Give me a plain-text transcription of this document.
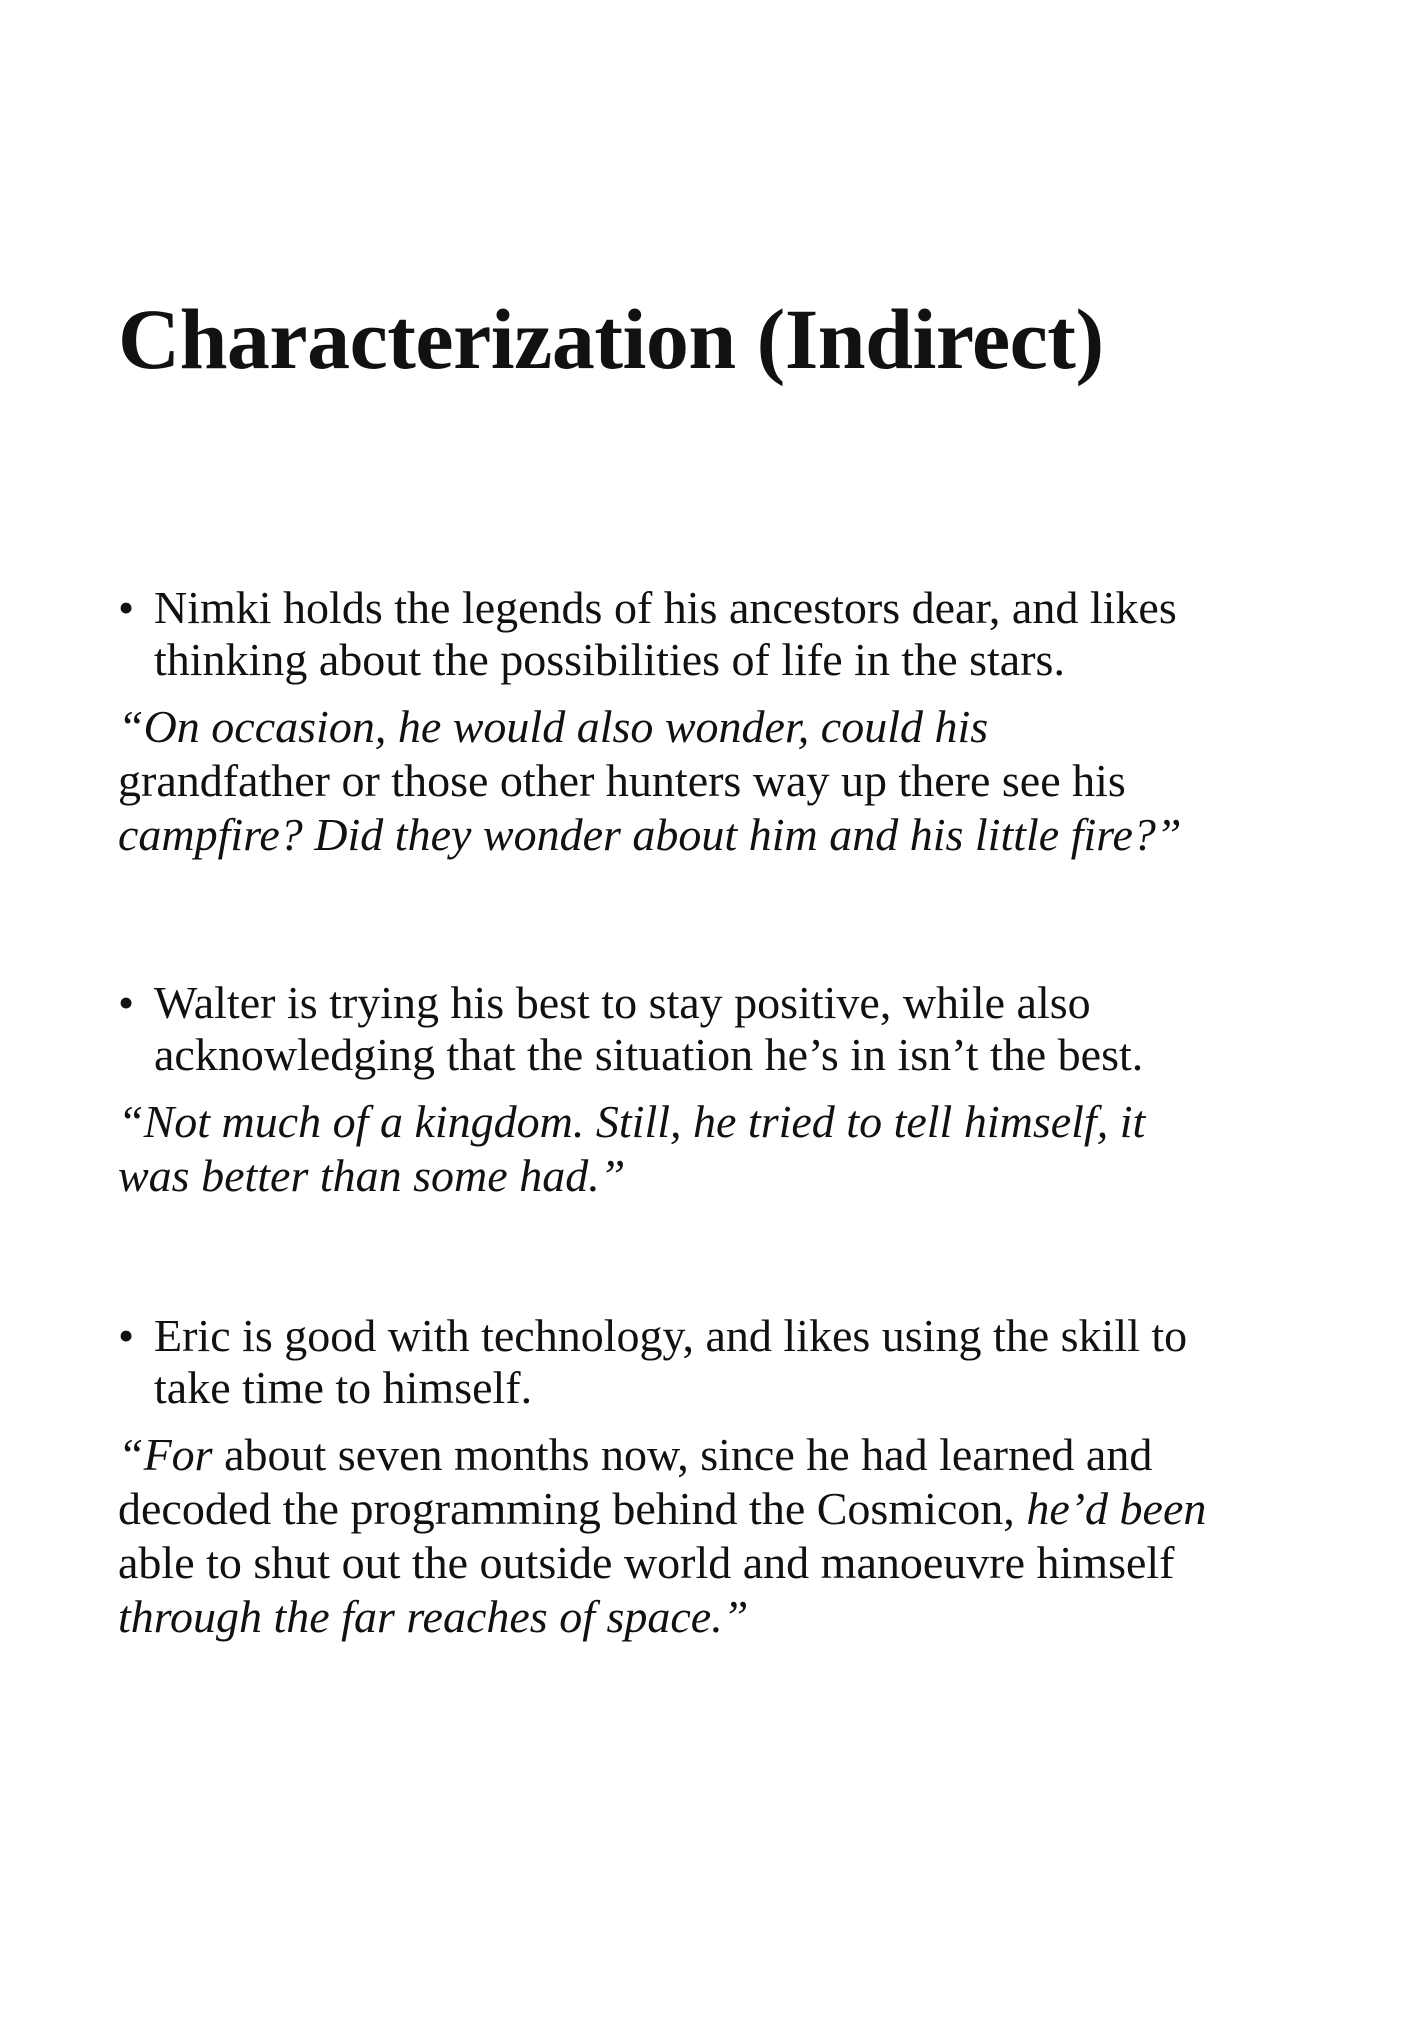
Characterization (Indirect)
• Nimki holds the legends of his ancestors dear, and likes
thinking about the possibilities of life in the stars.
“On occasion, he would also wonder, could his
grandfather or those other hunters way up there see his
campfire? Did they wonder about him and his little fire?”
• Walter is trying his best to stay positive, while also
acknowledging that the situation he’s in isn’t the best.
“Not much of a kingdom. Still, he tried to tell himself, it
was better than some had.”
• Eric is good with technology, and likes using the skill to
take time to himself.
“For about seven months now, since he had learned and
decoded the programming behind the Cosmicon, he’d been
able to shut out the outside world and manoeuvre himself
through the far reaches of space.”
